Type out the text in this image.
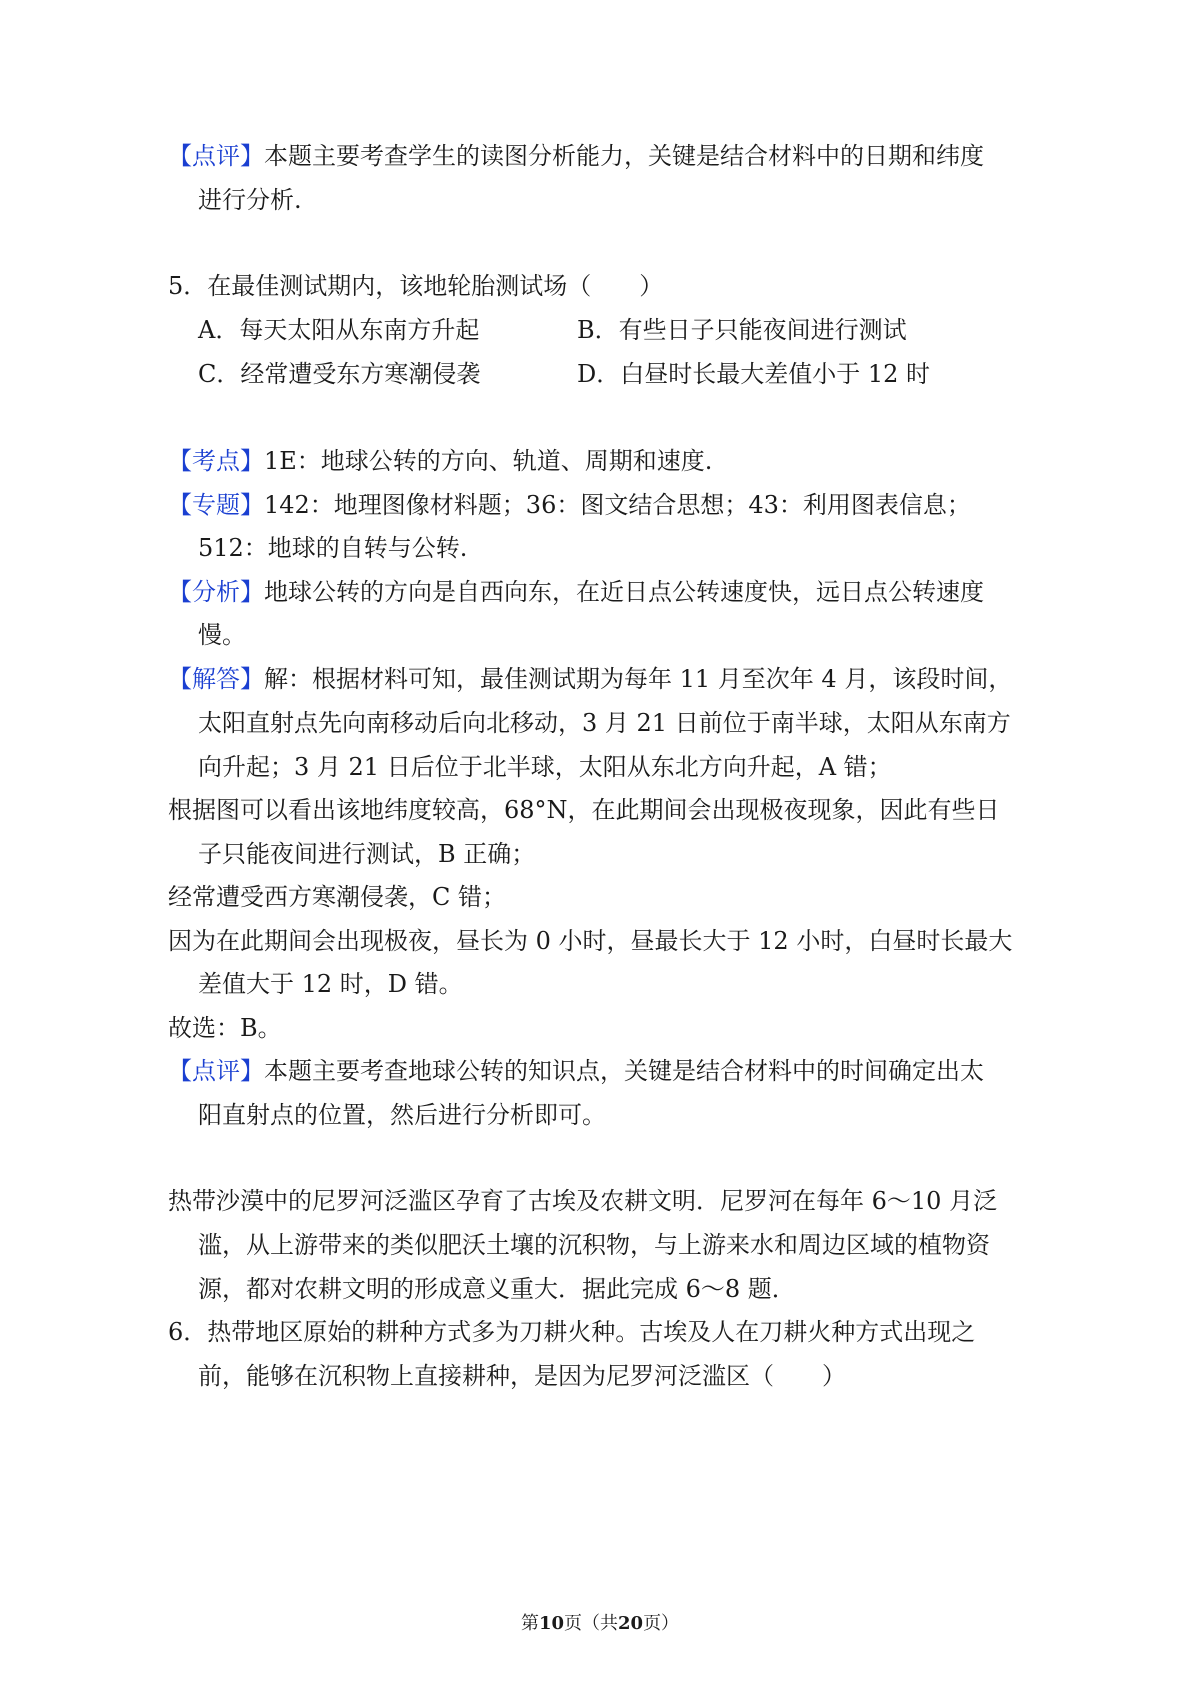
【点评】本题主要考查学生的读图分析能力，关键是结合材料中的日期和纬度
进行分析.
5．在最佳测试期内，该地轮胎测试场（　　）
A．每天太阳从东南方升起	B．有些日子只能夜间进行测试
C．经常遭受东方寒潮侵袭	D．白昼时长最大差值小于 12 时
【考点】1E：地球公转的方向、轨道、周期和速度.
【专题】142：地理图像材料题；36：图文结合思想；43：利用图表信息；
512：地球的自转与公转.
【分析】地球公转的方向是自西向东，在近日点公转速度快，远日点公转速度
慢。
【解答】解：根据材料可知，最佳测试期为每年 11 月至次年 4 月，该段时间，
太阳直射点先向南移动后向北移动，3 月 21 日前位于南半球，太阳从东南方
向升起；3 月 21 日后位于北半球，太阳从东北方向升起，A 错；
根据图可以看出该地纬度较高，68°N，在此期间会出现极夜现象，因此有些日
子只能夜间进行测试，B 正确；
经常遭受西方寒潮侵袭，C 错；
因为在此期间会出现极夜，昼长为 0 小时，昼最长大于 12 小时，白昼时长最大
差值大于 12 时，D 错。
故选：B。
【点评】本题主要考查地球公转的知识点，关键是结合材料中的时间确定出太
阳直射点的位置，然后进行分析即可。
热带沙漠中的尼罗河泛滥区孕育了古埃及农耕文明．尼罗河在每年 6～10 月泛
滥，从上游带来的类似肥沃土壤的沉积物，与上游来水和周边区域的植物资
源，都对农耕文明的形成意义重大．据此完成 6～8 题．
6．热带地区原始的耕种方式多为刀耕火种。古埃及人在刀耕火种方式出现之
前，能够在沉积物上直接耕种，是因为尼罗河泛滥区（　　）
第10页（共20页）
